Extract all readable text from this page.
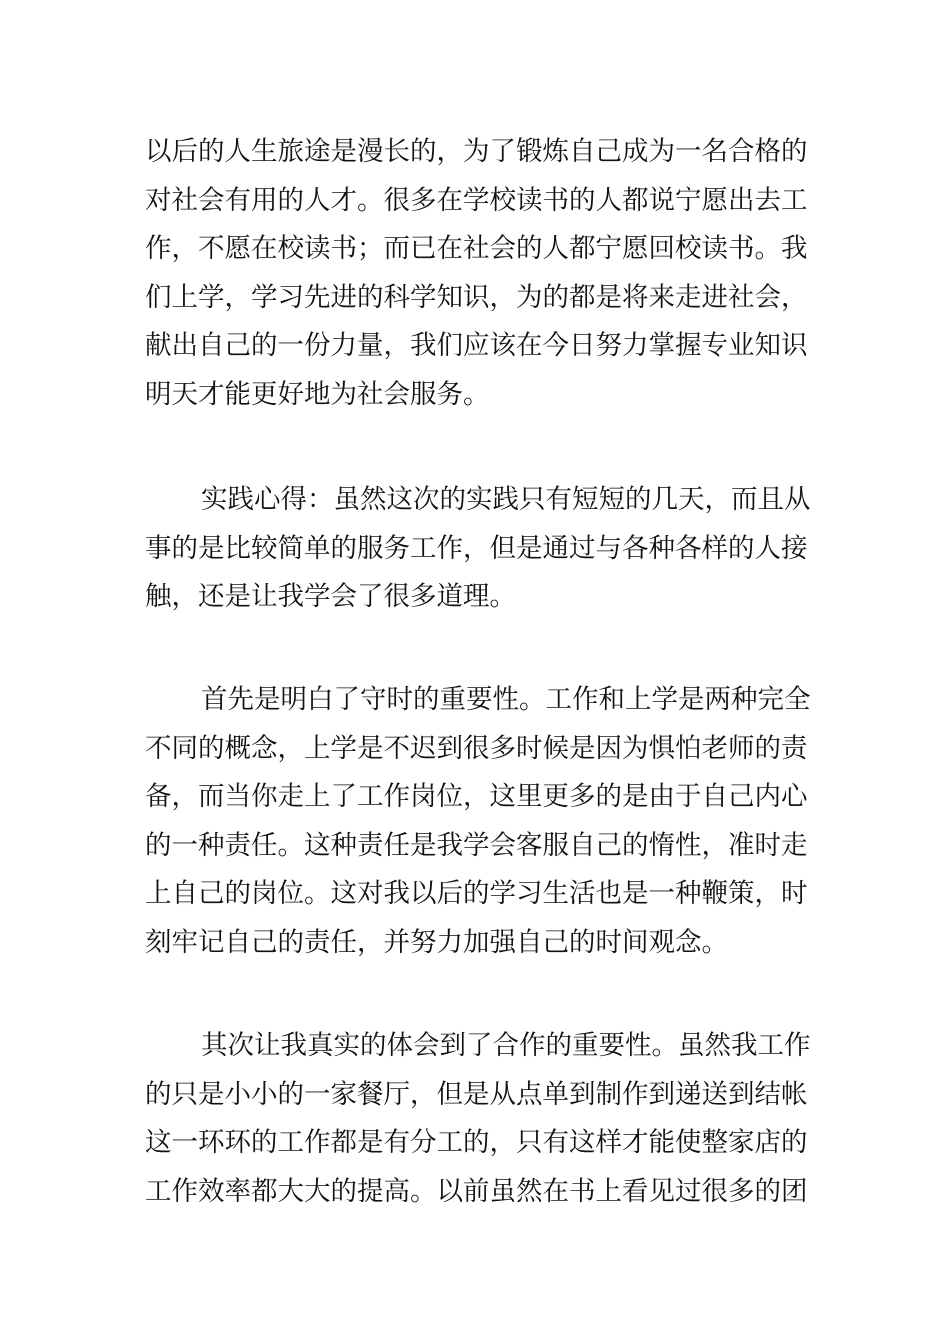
以后的人生旅途是漫长的，为了锻炼自己成为一名合格的
对社会有用的人才。很多在学校读书的人都说宁愿出去工
作，不愿在校读书；而已在社会的人都宁愿回校读书。我
们上学，学习先进的科学知识，为的都是将来走进社会，
献出自己的一份力量，我们应该在今日努力掌握专业知识
明天才能更好地为社会服务。
实践心得：虽然这次的实践只有短短的几天，而且从
事的是比较简单的服务工作，但是通过与各种各样的人接
触，还是让我学会了很多道理。
首先是明白了守时的重要性。工作和上学是两种完全
不同的概念，上学是不迟到很多时候是因为惧怕老师的责
备，而当你走上了工作岗位，这里更多的是由于自己内心
的一种责任。这种责任是我学会客服自己的惰性，准时走
上自己的岗位。这对我以后的学习生活也是一种鞭策，时
刻牢记自己的责任，并努力加强自己的时间观念。
其次让我真实的体会到了合作的重要性。虽然我工作
的只是小小的一家餐厅，但是从点单到制作到递送到结帐
这一环环的工作都是有分工的，只有这样才能使整家店的
工作效率都大大的提高。以前虽然在书上看见过很多的团
